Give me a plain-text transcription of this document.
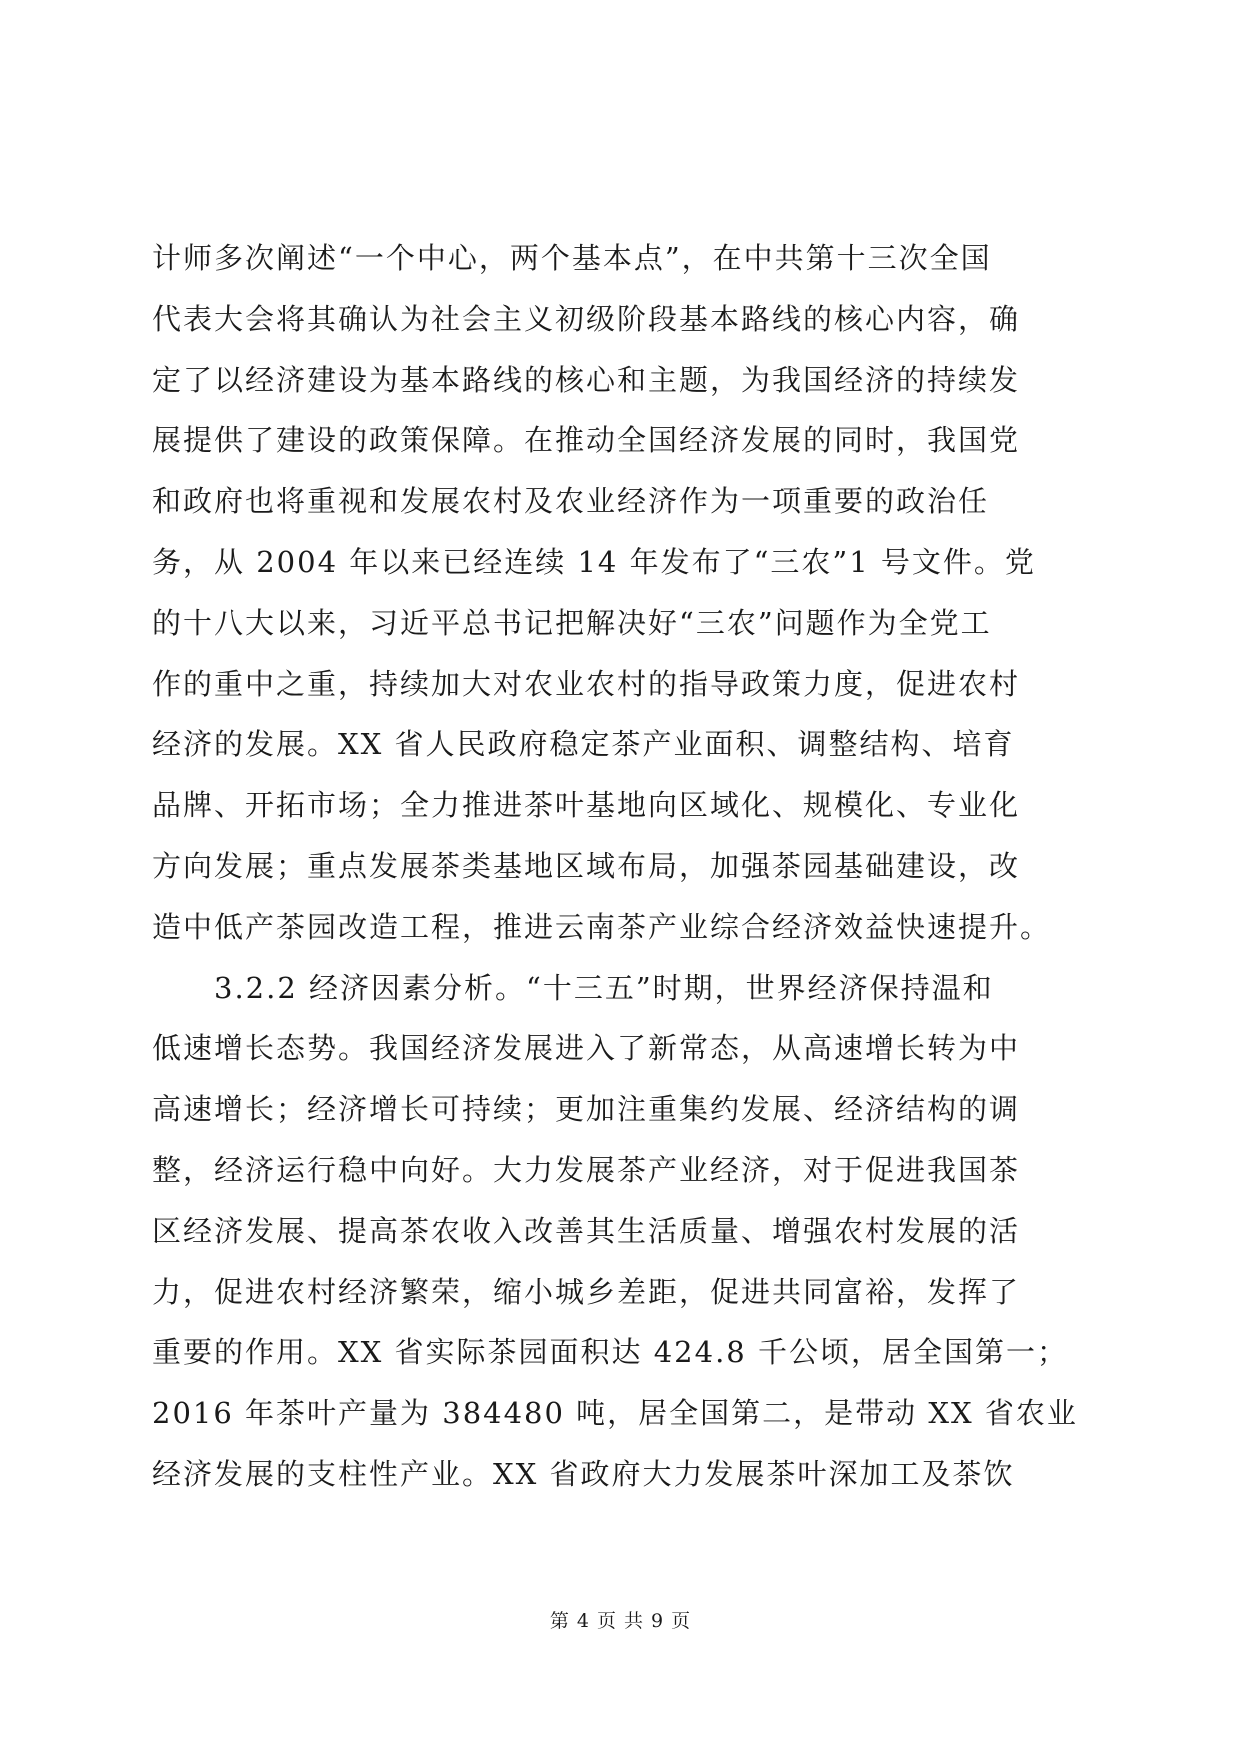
计师多次阐述“一个中心，两个基本点”，在中共第十三次全国
代表大会将其确认为社会主义初级阶段基本路线的核心内容，确
定了以经济建设为基本路线的核心和主题，为我国经济的持续发
展提供了建设的政策保障。在推动全国经济发展的同时，我国党
和政府也将重视和发展农村及农业经济作为一项重要的政治任
务，从 2004 年以来已经连续 14 年发布了“三农”1 号文件。党
的十八大以来，习近平总书记把解决好“三农”问题作为全党工
作的重中之重，持续加大对农业农村的指导政策力度，促进农村
经济的发展。XX 省人民政府稳定茶产业面积、调整结构、培育
品牌、开拓市场；全力推进茶叶基地向区域化、规模化、专业化
方向发展；重点发展茶类基地区域布局，加强茶园基础建设，改
造中低产茶园改造工程，推进云南茶产业综合经济效益快速提升。
3.2.2 经济因素分析。“十三五”时期，世界经济保持温和
低速增长态势。我国经济发展进入了新常态，从高速增长转为中
高速增长；经济增长可持续；更加注重集约发展、经济结构的调
整，经济运行稳中向好。大力发展茶产业经济，对于促进我国茶
区经济发展、提高茶农收入改善其生活质量、增强农村发展的活
力，促进农村经济繁荣，缩小城乡差距，促进共同富裕，发挥了
重要的作用。XX 省实际茶园面积达 424.8 千公顷，居全国第一；
2016 年茶叶产量为 384480 吨，居全国第二，是带动 XX 省农业
经济发展的支柱性产业。XX 省政府大力发展茶叶深加工及茶饮
第 4 页 共 9 页
